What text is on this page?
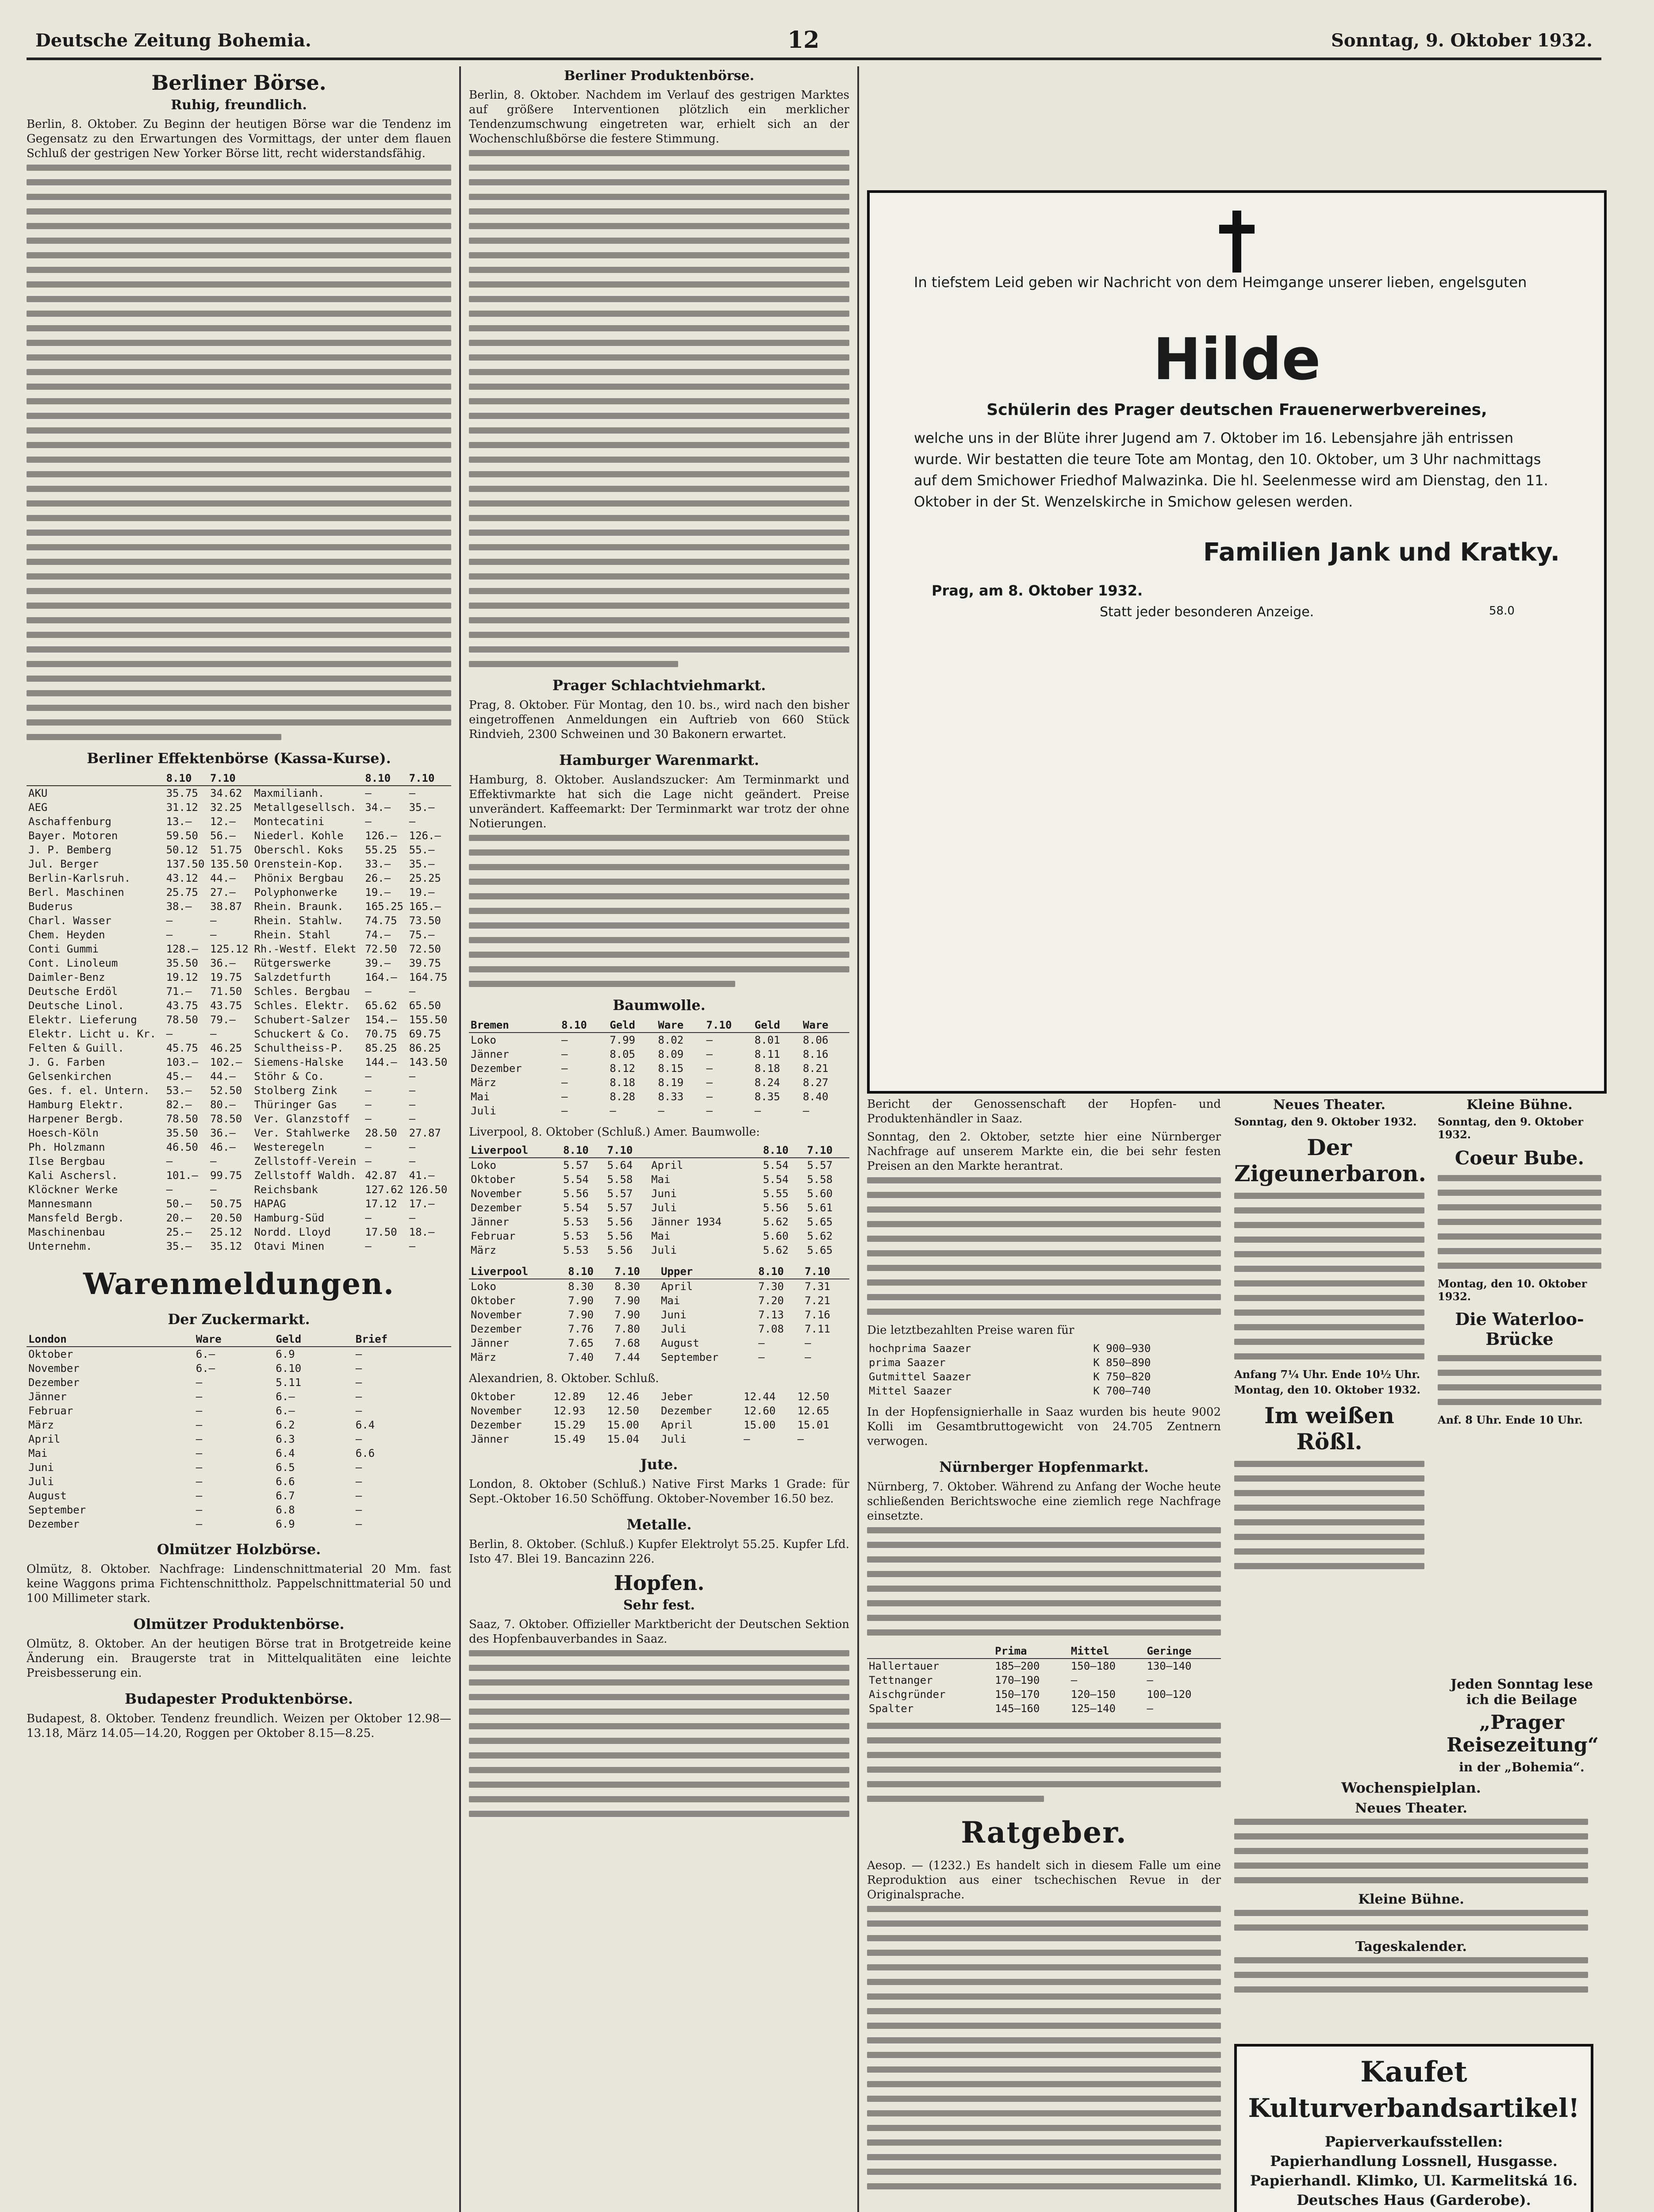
Deutsche Zeitung Bohemia.	12	Sonntag, 9. Oktober 1932.
Berliner Börse.
Ruhig, freundlich.

Berlin, 8. Oktober. Zu Beginn der heutigen Börse war die Tendenz im Gegensatz zu den Erwartungen des Vormittags, der unter dem flauen Schluß der gestrigen New Yorker Börse litt, recht widerstandsfähig.

Berliner Effektenbörse (Kassa-Kurse).
	8.10	7.10		8.10	7.10
AKU	35.75	34.62	Maxmilianh.	—	—
AEG	31.12	32.25	Metallgesellsch.	34.—	35.—
Aschaffenburg	13.—	12.—	Montecatini	—	—
Bayer. Motoren	59.50	56.—	Niederl. Kohle	126.—	126.—
J. P. Bemberg	50.12	51.75	Oberschl. Koks	55.25	55.—
Jul. Berger	137.50	135.50	Orenstein-Kop.	33.—	35.—
Berlin-Karlsruh.	43.12	44.—	Phönix Bergbau	26.—	25.25
Berl. Maschinen	25.75	27.—	Polyphonwerke	19.—	19.—
Buderus	38.—	38.87	Rhein. Braunk.	165.25	165.—
Charl. Wasser	—	—	Rhein. Stahlw.	74.75	73.50
Chem. Heyden	—	—	Rhein. Stahl	74.—	75.—
Conti Gummi	128.—	125.12	Rh.-Westf. Elekt	72.50	72.50
Cont. Linoleum	35.50	36.—	Rütgerswerke	39.—	39.75
Daimler-Benz	19.12	19.75	Salzdetfurth	164.—	164.75
Deutsche Erdöl	71.—	71.50	Schles. Bergbau	—	—
Deutsche Linol.	43.75	43.75	Schles. Elektr.	65.62	65.50
Elektr. Lieferung	78.50	79.—	Schubert-Salzer	154.—	155.50
Elektr. Licht u. Kr.	—	—	Schuckert & Co.	70.75	69.75
Felten & Guill.	45.75	46.25	Schultheiss-P.	85.25	86.25
J. G. Farben	103.—	102.—	Siemens-Halske	144.—	143.50
Gelsenkirchen	45.—	44.—	Stöhr & Co.	—	—
Ges. f. el. Untern.	53.—	52.50	Stolberg Zink	—	—
Hamburg Elektr.	82.—	80.—	Thüringer Gas	—	—
Harpener Bergb.	78.50	78.50	Ver. Glanzstoff	—	—
Hoesch-Köln	35.50	36.—	Ver. Stahlwerke	28.50	27.87
Ph. Holzmann	46.50	46.—	Westeregeln	—	—
Ilse Bergbau	—	—	Zellstoff-Verein	—	—
Kali Aschersl.	101.—	99.75	Zellstoff Waldh.	42.87	41.—
Klöckner Werke	—	—	Reichsbank	127.62	126.50
Mannesmann	50.—	50.75	HAPAG	17.12	17.—
Mansfeld Bergb.	20.—	20.50	Hamburg-Süd	—	—
Maschinenbau	25.—	25.12	Nordd. Lloyd	17.50	18.—
Unternehm.	35.—	35.12	Otavi Minen	—	—
Warenmeldungen.
Der Zuckermarkt.
London	Ware	Geld	Brief
Oktober	6.—	6.9	—
November	6.—	6.10	—
Dezember	—	5.11	—
Jänner	—	6.—	—
Februar	—	6.—	—
März	—	6.2	6.4
April	—	6.3	—
Mai	—	6.4	6.6
Juni	—	6.5	—
Juli	—	6.6	—
August	—	6.7	—
September	—	6.8	—
Dezember	—	6.9	—
Olmützer Holzbörse.

Olmütz, 8. Oktober. Nachfrage: Lindenschnittmaterial 20 Mm. fast keine Waggons prima Fichtenschnittholz. Pappelschnittmaterial 50 und 100 Millimeter stark.

Olmützer Produktenbörse.

Olmütz, 8. Oktober. An der heutigen Börse trat in Brotgetreide keine Änderung ein. Braugerste trat in Mittelqualitäten eine leichte Preisbesserung ein.

Budapester Produktenbörse.

Budapest, 8. Oktober. Tendenz freundlich. Weizen per Oktober 12.98—13.18, März 14.05—14.20, Roggen per Oktober 8.15—8.25.

Berliner Produktenbörse.

Berlin, 8. Oktober. Nachdem im Verlauf des gestrigen Marktes auf größere Interventionen plötzlich ein merklicher Tendenzumschwung eingetreten war, erhielt sich an der Wochenschlußbörse die festere Stimmung.

Prager Schlachtviehmarkt.

Prag, 8. Oktober. Für Montag, den 10. bs., wird nach den bisher eingetroffenen Anmeldungen ein Auftrieb von 660 Stück Rindvieh, 2300 Schweinen und 30 Bakonern erwartet.

Hamburger Warenmarkt.

Hamburg, 8. Oktober. Auslandszucker: Am Terminmarkt und Effektivmarkte hat sich die Lage nicht geändert. Preise unverändert. Kaffeemarkt: Der Terminmarkt war trotz der ohne Notierungen.

Baumwolle.
Bremen	8.10	Geld	Ware	7.10	Geld	Ware
Loko	—	7.99	8.02	—	8.01	8.06
Jänner	—	8.05	8.09	—	8.11	8.16
Dezember	—	8.12	8.15	—	8.18	8.21
März	—	8.18	8.19	—	8.24	8.27
Mai	—	8.28	8.33	—	8.35	8.40
Juli	—	—	—	—	—	—

Liverpool, 8. Oktober (Schluß.) Amer. Baumwolle:

Liverpool	8.10	7.10		8.10	7.10
Loko	5.57	5.64	April	5.54	5.57
Oktober	5.54	5.58	Mai	5.54	5.58
November	5.56	5.57	Juni	5.55	5.60
Dezember	5.54	5.57	Juli	5.56	5.61
Jänner	5.53	5.56	Jänner 1934	5.62	5.65
Februar	5.53	5.56	Mai	5.60	5.62
März	5.53	5.56	Juli	5.62	5.65
Liverpool	8.10	7.10	Upper	8.10	7.10
Loko	8.30	8.30	April	7.30	7.31
Oktober	7.90	7.90	Mai	7.20	7.21
November	7.90	7.90	Juni	7.13	7.16
Dezember	7.76	7.80	Juli	7.08	7.11
Jänner	7.65	7.68	August	—	—
März	7.40	7.44	September	—	—

Alexandrien, 8. Oktober. Schluß.

Oktober	12.89	12.46	Jeber	12.44	12.50
November	12.93	12.50	Dezember	12.60	12.65
Dezember	15.29	15.00	April	15.00	15.01
Jänner	15.49	15.04	Juli	—	—
Jute.

London, 8. Oktober (Schluß.) Native First Marks 1 Grade: für Sept.-Oktober 16.50 Schöffung. Oktober-November 16.50 bez.

Metalle.

Berlin, 8. Oktober. (Schluß.) Kupfer Elektrolyt 55.25. Kupfer Lfd. Isto 47. Blei 19. Bancazinn 226.

Hopfen.
Sehr fest.

Saaz, 7. Oktober. Offizieller Marktbericht der Deutschen Sektion des Hopfenbauverbandes in Saaz.

In tiefstem Leid geben wir Nachricht von dem Heimgange unserer lieben, engelsguten
Hilde
Schülerin des Prager deutschen Frauenerwerbvereines,
welche uns in der Blüte ihrer Jugend am 7. Oktober im 16. Lebensjahre jäh entrissen wurde. Wir bestatten die teure Tote am Montag, den 10. Oktober, um 3 Uhr nachmittags auf dem Smichower Friedhof Malwazinka. Die hl. Seelenmesse wird am Dienstag, den 11. Oktober in der St. Wenzelskirche in Smichow gelesen werden.
Familien Jank und Kratky.
Prag, am 8. Oktober 1932.
Statt jeder besonderen Anzeige.	58.0

Bericht der Genossenschaft der Hopfen- und Produktenhändler in Saaz.

Sonntag, den 2. Oktober, setzte hier eine Nürnberger Nachfrage auf unserem Markte ein, die bei sehr festen Preisen an den Markte herantrat.

Die letztbezahlten Preise waren für

hochprima Saazer	K 900—930
prima Saazer	K 850—890
Gutmittel Saazer	K 750—820
Mittel Saazer	K 700—740

In der Hopfensignierhalle in Saaz wurden bis heute 9002 Kolli im Gesamtbruttogewicht von 24.705 Zentnern verwogen.

Nürnberger Hopfenmarkt.

Nürnberg, 7. Oktober. Während zu Anfang der Woche heute schließenden Berichtswoche eine ziemlich rege Nachfrage einsetzte.

	Prima	Mittel	Geringe
Hallertauer	185—200	150—180	130—140
Tettnanger	170—190	—	—
Aischgründer	150—170	120—150	100—120
Spalter	145—160	125—140	—
Ratgeber.

Aesop. — (1232.) Es handelt sich in diesem Falle um eine Reproduktion aus einer tschechischen Revue in der Originalsprache.

Neues Theater.
Sonntag, den 9. Oktober 1932.
Der Zigeunerbaron.
Anfang 7¼ Uhr. Ende 10½ Uhr.
Montag, den 10. Oktober 1932.
Im weißen Rößl.
Kleine Bühne.
Sonntag, den 9. Oktober 1932.
Coeur Bube.
Montag, den 10. Oktober 1932.
Die Waterloo-Brücke
Anf. 8 Uhr. Ende 10 Uhr.
Jeden Sonntag lese ich die Beilage
„Prager Reisezeitung“
in der „Bohemia“.
Wochenspielplan.
Neues Theater.
Kleine Bühne.
Tageskalender.
Kaufet
Kulturverbandsartikel!
Papierverkaufsstellen:
Papierhandlung Lossnell, Husgasse.
Papierhandl. Klimko, Ul. Karmelitská 16.
Deutsches Haus (Garderobe).
